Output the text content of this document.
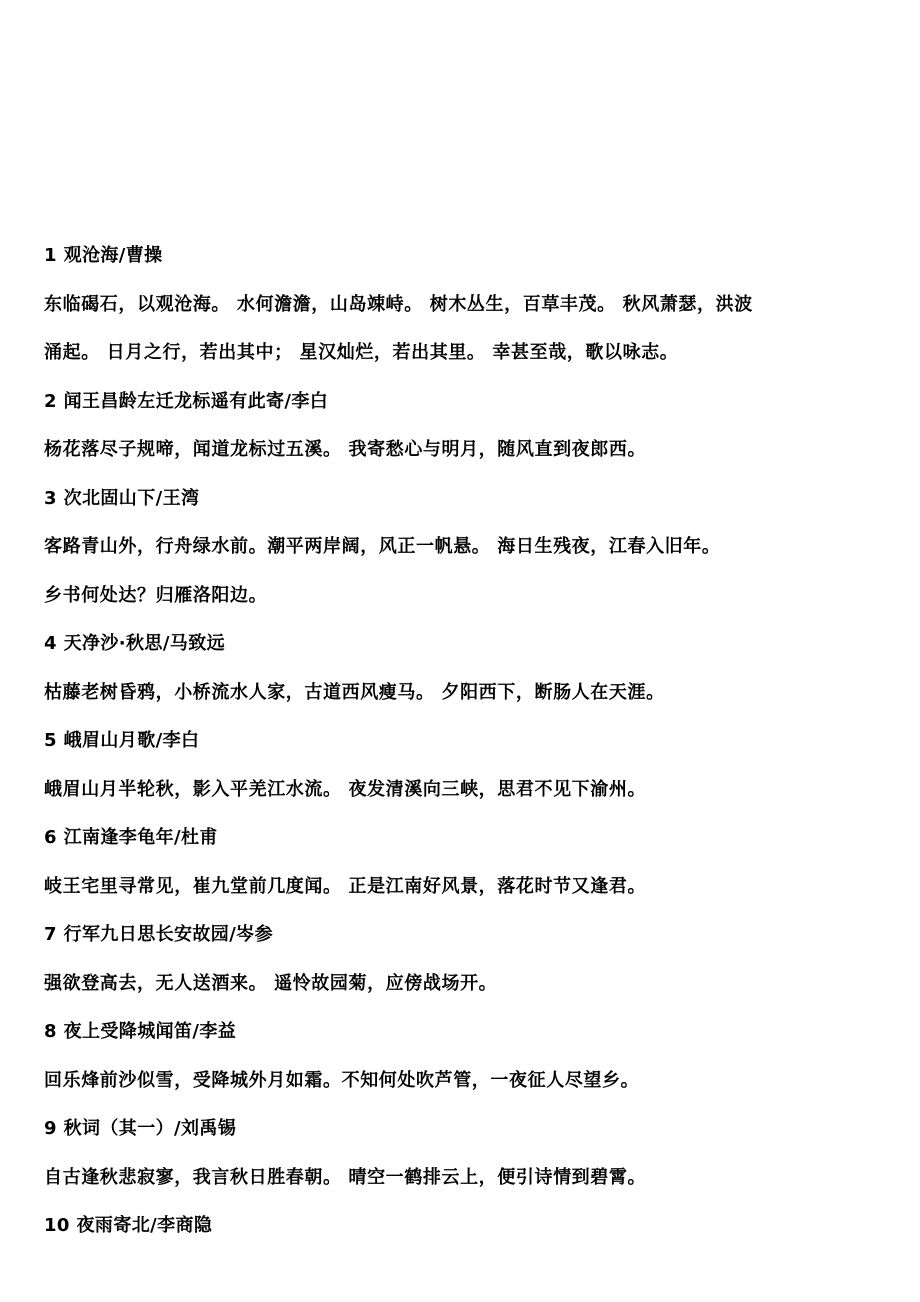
1 观沧海/曹操
东临碣石，以观沧海。 水何澹澹，山岛竦峙。 树木丛生，百草丰茂。 秋风萧瑟，洪波
涌起。 日月之行，若出其中； 星汉灿烂，若出其里。 幸甚至哉，歌以咏志。
2 闻王昌龄左迁龙标遥有此寄/李白
杨花落尽子规啼，闻道龙标过五溪。 我寄愁心与明月，随风直到夜郎西。
3 次北固山下/王湾
客路青山外，行舟绿水前。潮平两岸阔，风正一帆悬。 海日生残夜，江春入旧年。
乡书何处达？归雁洛阳边。
4 天净沙·秋思/马致远
枯藤老树昏鸦，小桥流水人家，古道西风瘦马。 夕阳西下，断肠人在天涯。
5 峨眉山月歌/李白
峨眉山月半轮秋，影入平羌江水流。 夜发清溪向三峡，思君不见下渝州。
6 江南逢李龟年/杜甫
岐王宅里寻常见，崔九堂前几度闻。 正是江南好风景，落花时节又逢君。
7 行军九日思长安故园/岑参
强欲登高去，无人送酒来。 遥怜故园菊，应傍战场开。
8 夜上受降城闻笛/李益
回乐烽前沙似雪，受降城外月如霜。不知何处吹芦管，一夜征人尽望乡。
9 秋词（其一）/刘禹锡
自古逢秋悲寂寥，我言秋日胜春朝。 晴空一鹤排云上，便引诗情到碧霄。
10 夜雨寄北/李商隐
